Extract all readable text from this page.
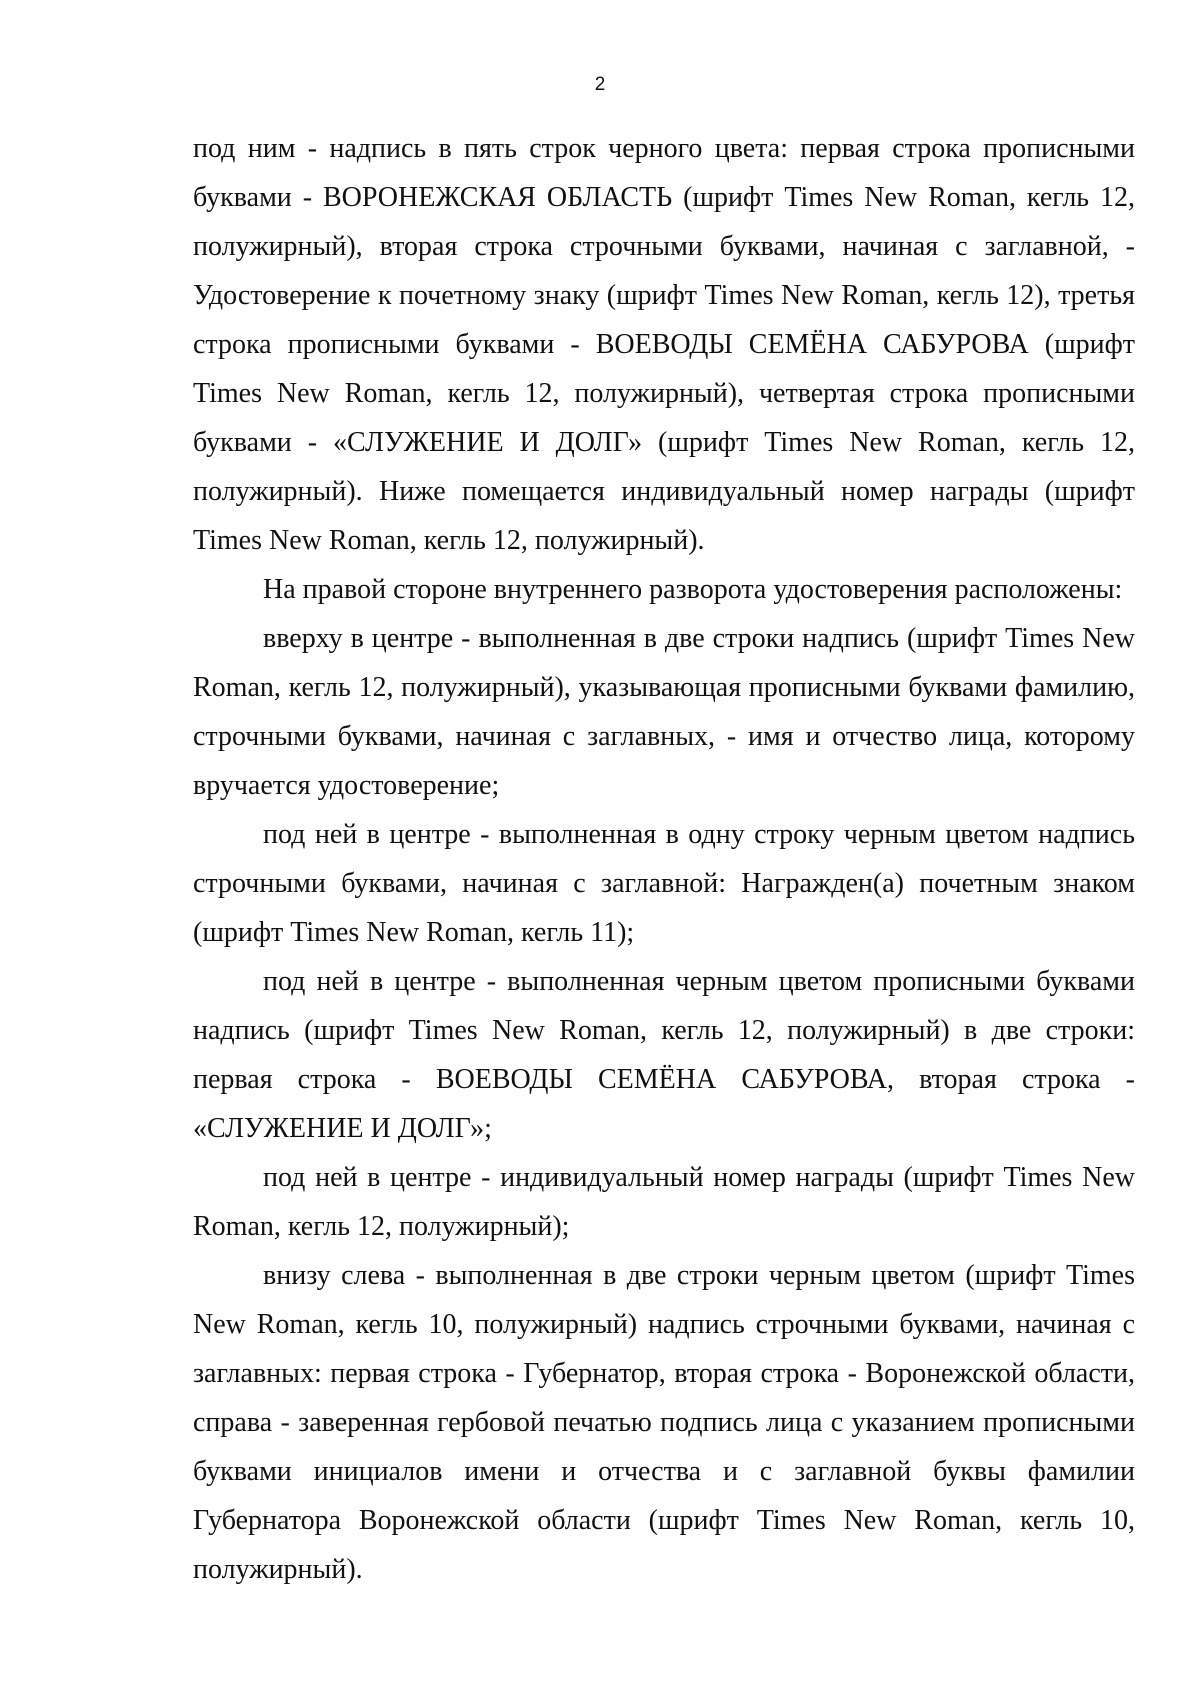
2

под ним - надпись в пять строк черного цвета: первая строка прописными буквами - ВОРОНЕЖСКАЯ ОБЛАСТЬ (шрифт Times New Roman, кегль 12, полужирный), вторая строка строчными буквами, начиная с заглавной, - Удостоверение к почетному знаку (шрифт Times New Roman, кегль 12), третья строка прописными буквами - ВОЕВОДЫ СЕМЁНА САБУРОВА (шрифт Times New Roman, кегль 12, полужирный), четвертая строка прописными буквами - «СЛУЖЕНИЕ И ДОЛГ» (шрифт Times New Roman, кегль 12, полужирный). Ниже помещается индивидуальный номер награды (шрифт Times New Roman, кегль 12, полужирный).

На правой стороне внутреннего разворота удостоверения расположены:

вверху в центре - выполненная в две строки надпись (шрифт Times New Roman, кегль 12, полужирный), указывающая прописными буквами фамилию, строчными буквами, начиная с заглавных, - имя и отчество лица, которому вручается удостоверение;

под ней в центре - выполненная в одну строку черным цветом надпись строчными буквами, начиная с заглавной: Награжден(а) почетным знаком (шрифт Times New Roman, кегль 11);

под ней в центре - выполненная черным цветом прописными буквами надпись (шрифт Times New Roman, кегль 12, полужирный) в две строки: первая строка - ВОЕВОДЫ СЕМЁНА САБУРОВА, вторая строка - «СЛУЖЕНИЕ И ДОЛГ»;

под ней в центре - индивидуальный номер награды (шрифт Times New Roman, кегль 12, полужирный);

внизу слева - выполненная в две строки черным цветом (шрифт Times New Roman, кегль 10, полужирный) надпись строчными буквами, начиная с заглавных: первая строка - Губернатор, вторая строка - Воронежской области, справа - заверенная гербовой печатью подпись лица с указанием прописными буквами инициалов имени и отчества и с заглавной буквы фамилии Губернатора Воронежской области (шрифт Times New Roman, кегль 10, полужирный).
